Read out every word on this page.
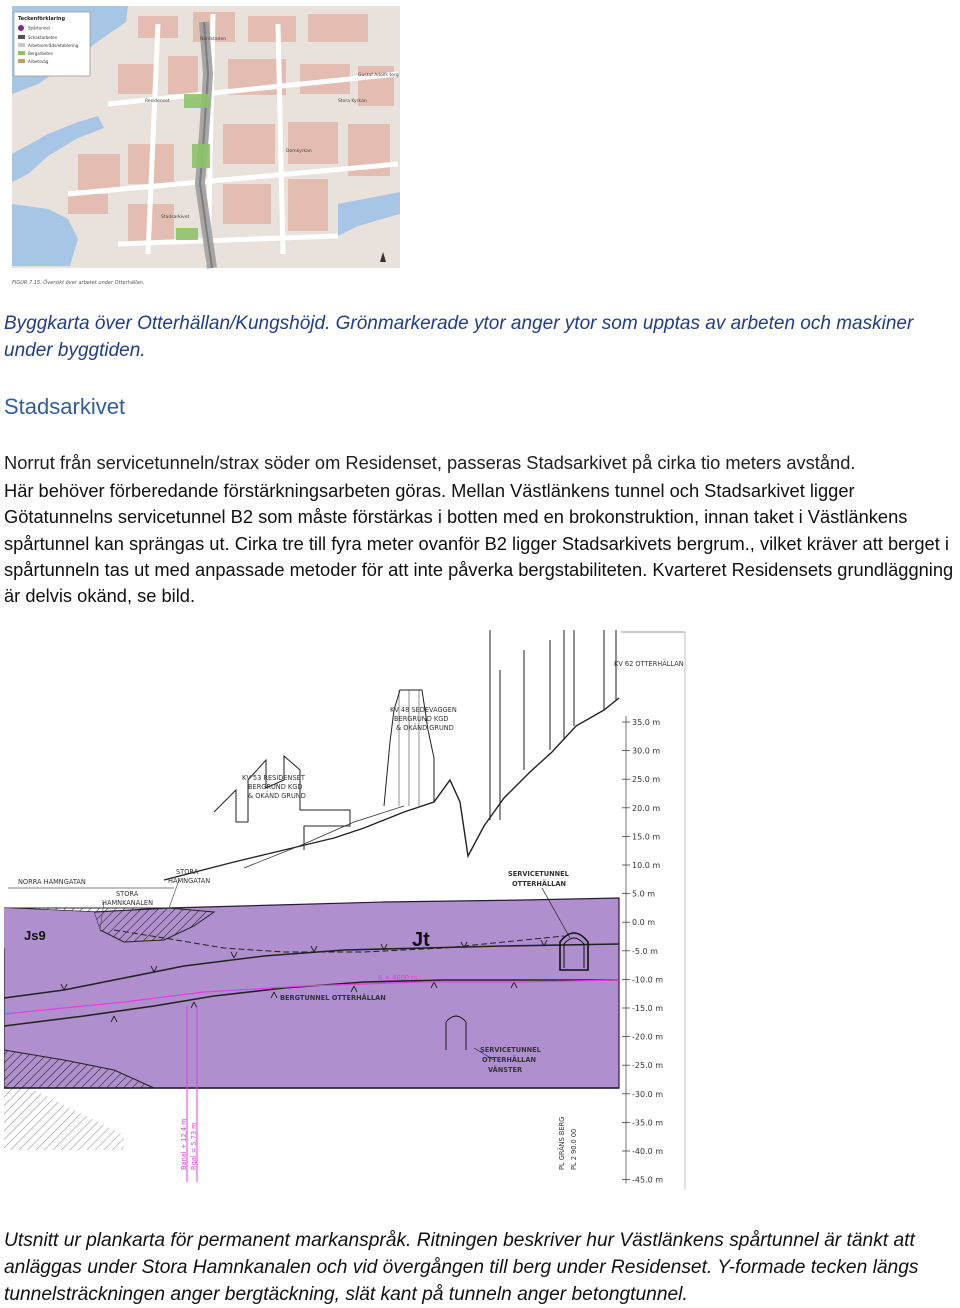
Nordstaden
Residenset	Stora Kyrkan
Stadsarkivet
Domkyrkan
Gustaf Adolfs torg
Teckenförklaring
Spårtunnel
Schaktarbeten
Arbetsområde/etablering
Bergarbeten
Arbetsväg
FIGUR 7.15. Översikt över arbetet under Otterhällan.

Byggkarta över Otterhällan/Kungshöjd. Grönmarkerade ytor anger ytor som upptas av arbeten och maskiner under byggtiden.

Stadsarkivet

Norrut från servicetunneln/strax söder om Residenset, passeras Stadsarkivet på cirka tio meters avstånd.

Här behöver förberedande förstärkningsarbeten göras. Mellan Västlänkens tunnel och Stadsarkivet ligger Götatunnelns servicetunnel B2 som måste förstärkas i botten med en brokonstruktion, innan taket i Västlänkens spårtunnel kan sprängas ut. Cirka tre till fyra meter ovanför B2 ligger Stadsarkivets bergrum., vilket kräver att berget i spårtunneln tas ut med anpassade metoder för att inte påverka bergstabiliteten. Kvarteret Residensets grundläggning är delvis okänd, se bild.

R = 4000 m
Banal + 12,4 m Rgal = 5,73 m	PL GRÄNS BERG PL 2 90.0 00
35.0 m
30.0 m
25.0 m
20.0 m
15.0 m
10.0 m
5.0 m
0.0 m
-5.0 m
-10.0 m
-15.0 m
-20.0 m
-25.0 m
-30.0 m
-35.0 m
-40.0 m
-45.0 m
KV 62 OTTERHÄLLAN
KV 48 SEDEVAGGEN
BERGRUND KGD
& OKÄND GRUND
KV 53 RESIDENSET
BERGRUND KGD
& OKÄND GRUND
NORRA HAMNGATAN
STORA
HAMNGATAN
STORA
HAMNKANALEN
SERVICETUNNEL
OTTERHÄLLAN
BERGTUNNEL OTTERHÄLLAN
SERVICETUNNEL
OTTERHÄLLAN
VÄNSTER
Js9	Jt

Utsnitt ur plankarta för permanent markanspråk. Ritningen beskriver hur Västlänkens spårtunnel är tänkt att anläggas under Stora Hamnkanalen och vid övergången till berg under Residenset. Y-formade tecken längs tunnelsträckningen anger bergtäckning, slät kant på tunneln anger betongtunnel.
